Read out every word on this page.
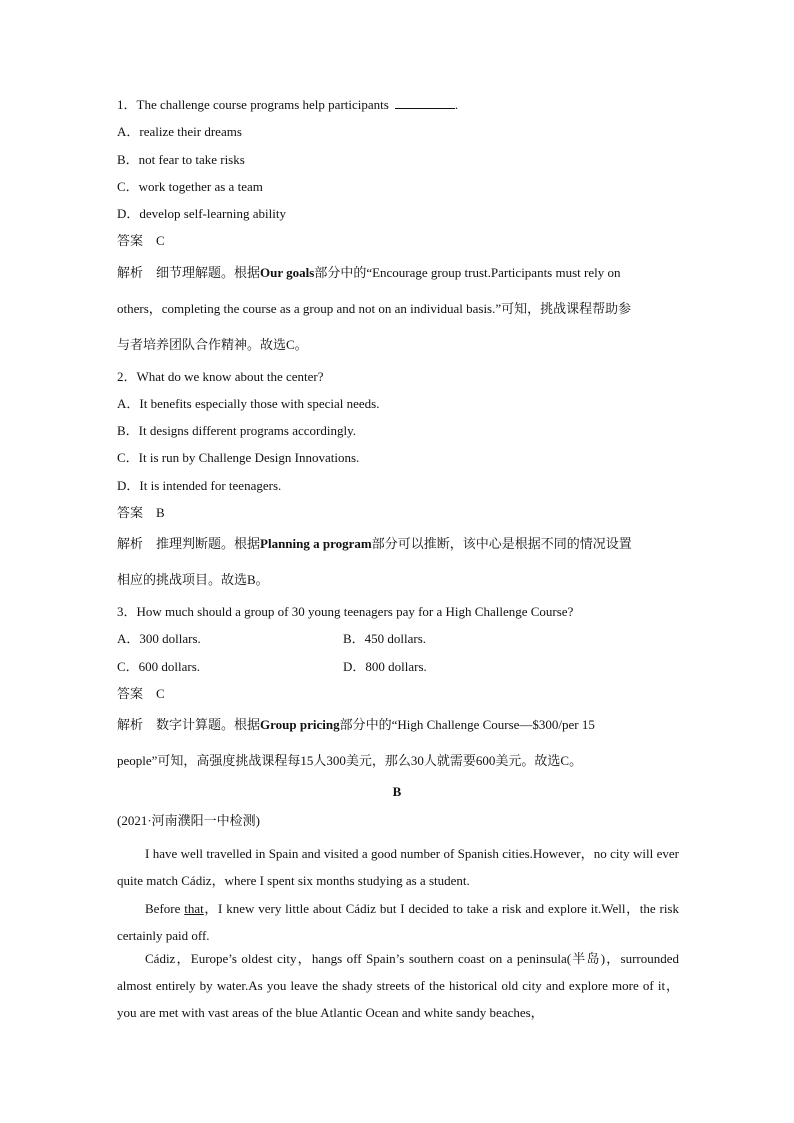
1．The challenge course programs help participants	.
A．realize their dreams
B．not fear to take risks
C．work together as a team
D．develop self-learning ability
答案　C
解析　细节理解题。根据Our goals部分中的“Encourage group trust.Participants must rely on
others，completing the course as a group and not on an individual basis.”可知，挑战课程帮助参
与者培养团队合作精神。故选C。
2．What do we know about the center?
A．It benefits especially those with special needs.
B．It designs different programs accordingly.
C．It is run by Challenge Design Innovations.
D．It is intended for teenagers.
答案　B
解析　推理判断题。根据Planning a program部分可以推断，该中心是根据不同的情况设置
相应的挑战项目。故选B。
3．How much should a group of 30 young teenagers pay for a High Challenge Course?
A．300 dollars.	B．450 dollars.
C．600 dollars.	D．800 dollars.
答案　C
解析　数字计算题。根据Group pricing部分中的“High Challenge Course—$300/per 15
people”可知，高强度挑战课程每15人300美元，那么30人就需要600美元。故选C。
B
(2021·河南濮阳一中检测)
I have well travelled in Spain and visited a good number of Spanish cities.However，no city will ever quite match Cádiz，where I spent six months studying as a student.
Before that，I knew very little about Cádiz but I decided to take a risk and explore it.Well，the risk certainly paid off.
Cádiz，Europe’s oldest city，hangs off Spain’s southern coast on a peninsula(半岛)，surrounded almost entirely by water.As you leave the shady streets of the historical old city and explore more of it，you are met with vast areas of the blue Atlantic Ocean and white sandy beaches，
